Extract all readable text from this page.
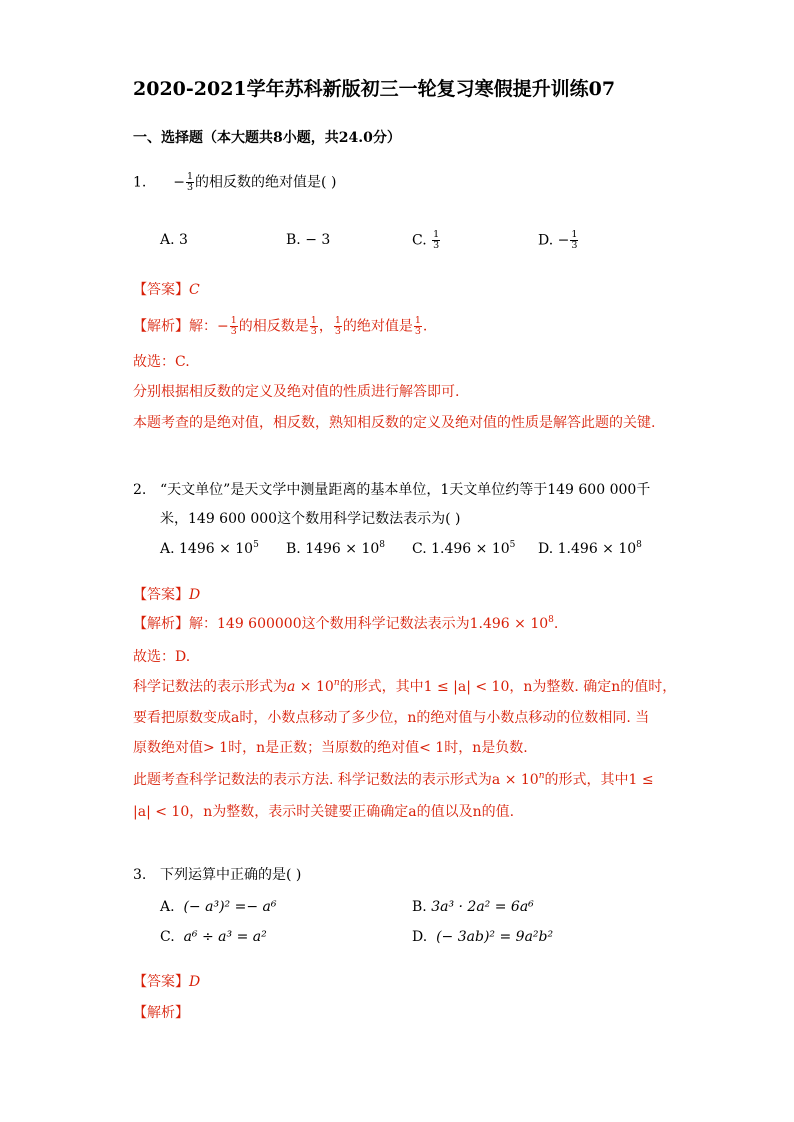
2020-2021学年苏科新版初三一轮复习寒假提升训练07
一、选择题（本大题共8小题，共24.0分）
1. − $\frac{1}{3}$ 的相反数的绝对值是( )
A. 3	B. − 3	C. $\frac{1}{3}$	D. − $\frac{1}{3}$
【答案】C
【解析】解：− $\frac{1}{3}$ 的相反数是 $\frac{1}{3}$ ， $\frac{1}{3}$ 的绝对值是 $\frac{1}{3}$ .
故选：C.
分别根据相反数的定义及绝对值的性质进行解答即可.
本题考查的是绝对值，相反数，熟知相反数的定义及绝对值的性质是解答此题的关键.
2. “天文单位”是天文学中测量距离的基本单位，1天文单位约等于149 600 000千
米，149 600 000这个数用科学记数法表示为( )
A. $1496 \times 10^5$ B. $1496 \times 10^8$ C. $1.496 \times 10^5$ D. $1.496 \times 10^8$
【答案】D
【解析】解：149 600000这个数用科学记数法表示为$1.496 \times 10^8$.
故选：D.
科学记数法的表示形式为$a \times 10^n$的形式，其中1 ≤ |a| < 10，n为整数. 确定n的值时，
要看把原数变成a时，小数点移动了多少位，n的绝对值与小数点移动的位数相同. 当
原数绝对值> 1时，n是正数；当原数的绝对值< 1时，n是负数.
此题考查科学记数法的表示方法. 科学记数法的表示形式为$a \times 10^n$的形式，其中1 ≤
|a| < 10，n为整数，表示时关键要正确确定a的值以及n的值.
3. 下列运算中正确的是( )
A. (− a³)² =− a⁶	B. 3a³ · 2a² = 6a⁶
C. a⁶ ÷ a³ = a²	D. (− 3ab)² = 9a²b²
【答案】D
【解析】
